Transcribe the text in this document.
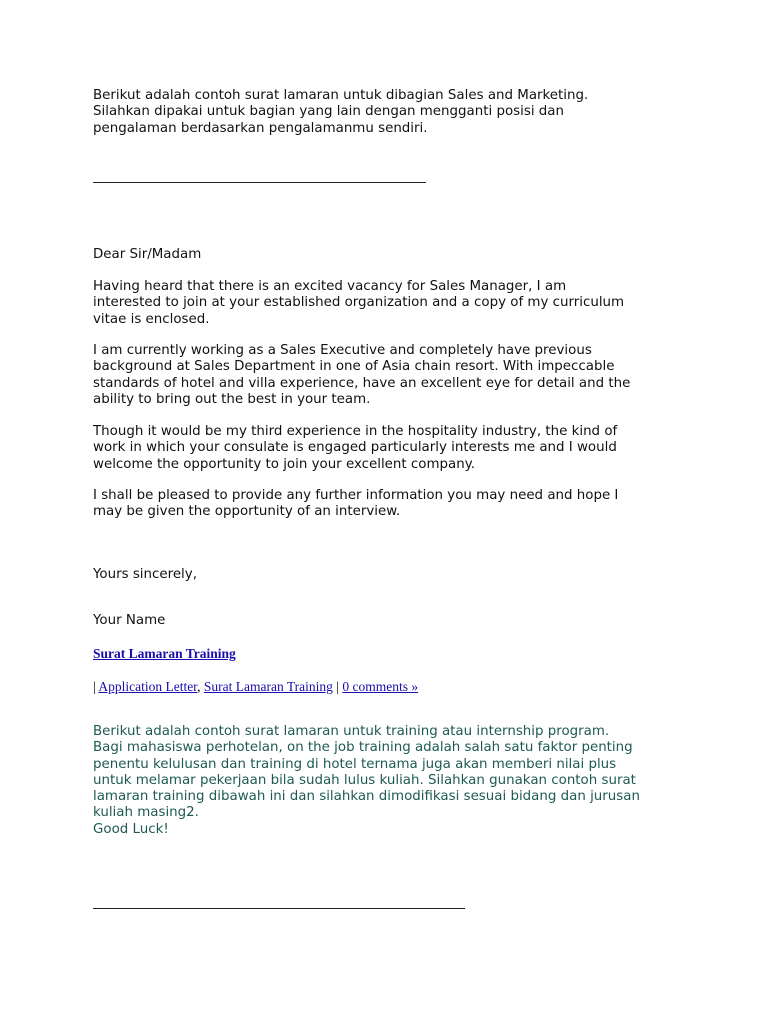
Berikut adalah contoh surat lamaran untuk dibagian Sales and Marketing.
Silahkan dipakai untuk bagian yang lain dengan mengganti posisi dan
pengalaman berdasarkan pengalamanmu sendiri.

Dear Sir/Madam

Having heard that there is an excited vacancy for Sales Manager, I am
interested to join at your established organization and a copy of my curriculum
vitae is enclosed.

I am currently working as a Sales Executive and completely have previous
background at Sales Department in one of Asia chain resort. With impeccable
standards of hotel and villa experience, have an excellent eye for detail and the
ability to bring out the best in your team.

Though it would be my third experience in the hospitality industry, the kind of
work in which your consulate is engaged particularly interests me and I would
welcome the opportunity to join your excellent company.

I shall be pleased to provide any further information you may need and hope I
may be given the opportunity of an interview.

Yours sincerely,

Your Name

Surat Lamaran Training

| Application Letter, Surat Lamaran Training | 0 comments »

Berikut adalah contoh surat lamaran untuk training atau internship program.
Bagi mahasiswa perhotelan, on the job training adalah salah satu faktor penting
penentu kelulusan dan training di hotel ternama juga akan memberi nilai plus
untuk melamar pekerjaan bila sudah lulus kuliah. Silahkan gunakan contoh surat
lamaran training dibawah ini dan silahkan dimodifikasi sesuai bidang dan jurusan
kuliah masing2.
Good Luck!
